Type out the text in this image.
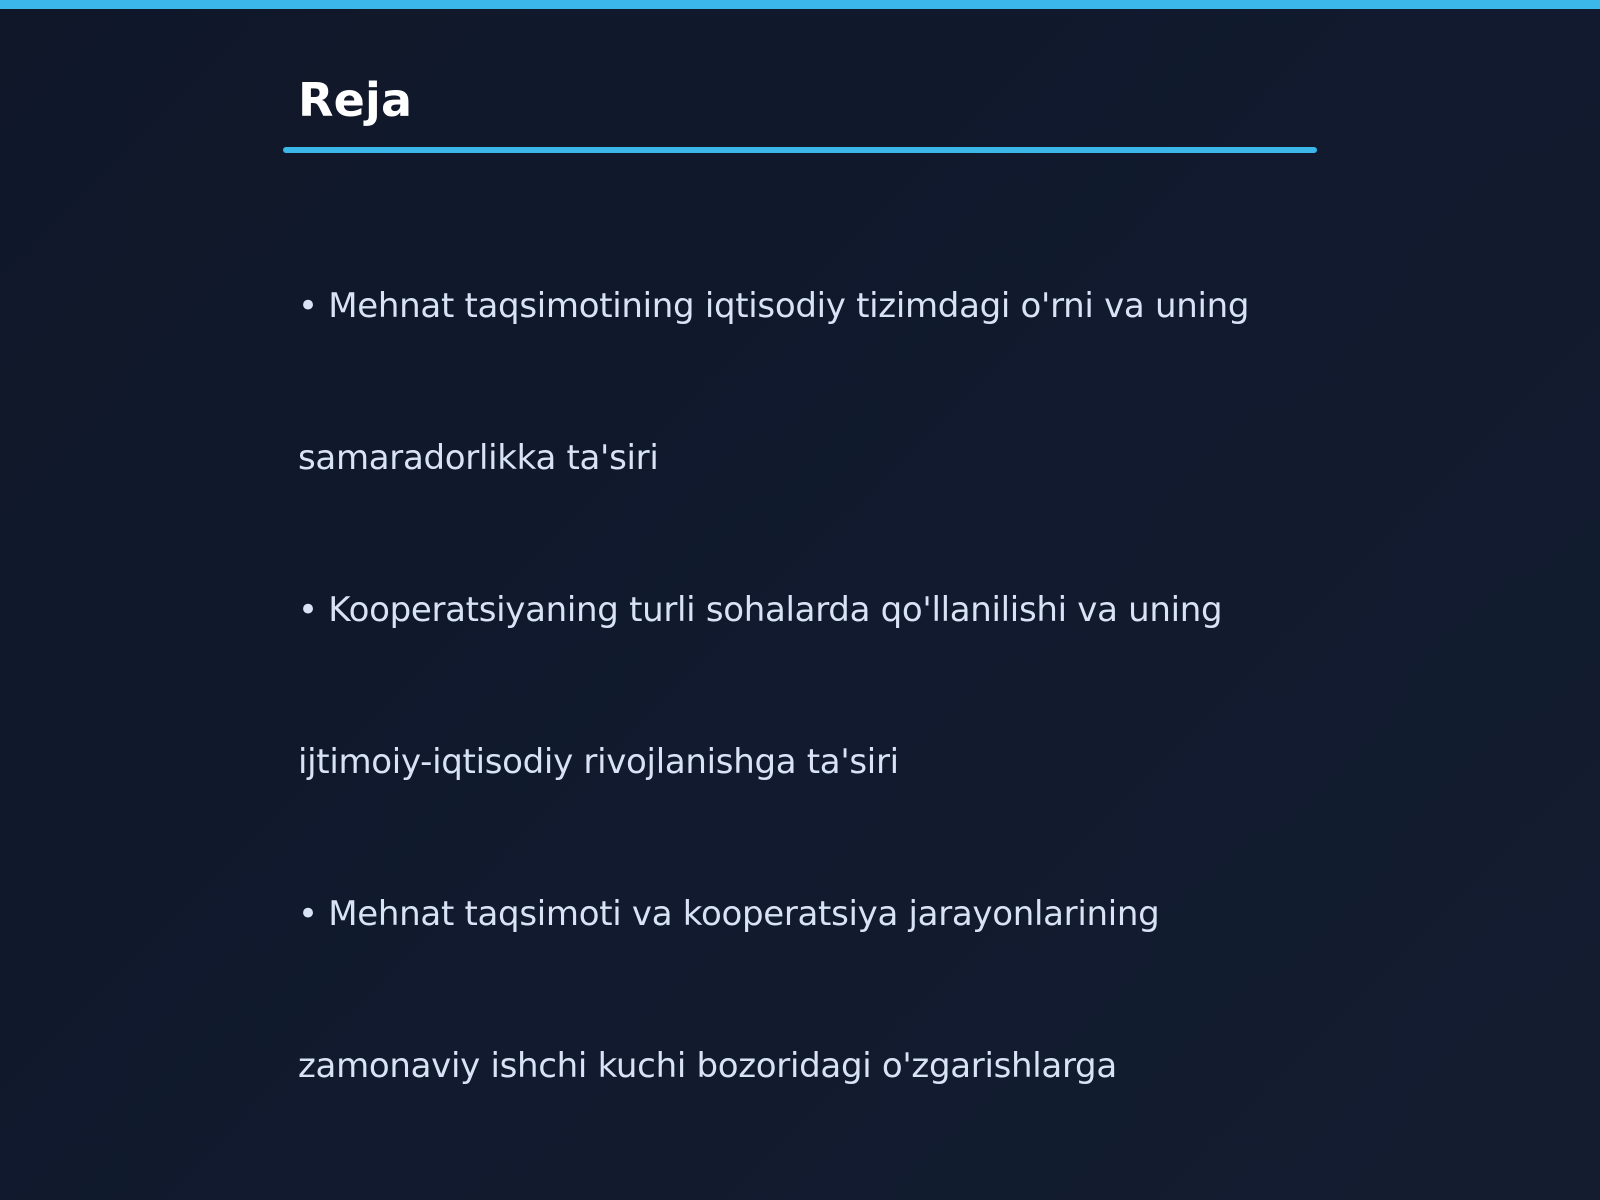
Reja
• Mehnat taqsimotining iqtisodiy tizimdagi o'rni va uning
samaradorlikka ta'siri
• Kooperatsiyaning turli sohalarda qo'llanilishi va uning
ijtimoiy-iqtisodiy rivojlanishga ta'siri
• Mehnat taqsimoti va kooperatsiya jarayonlarining
zamonaviy ishchi kuchi bozoridagi o'zgarishlarga
